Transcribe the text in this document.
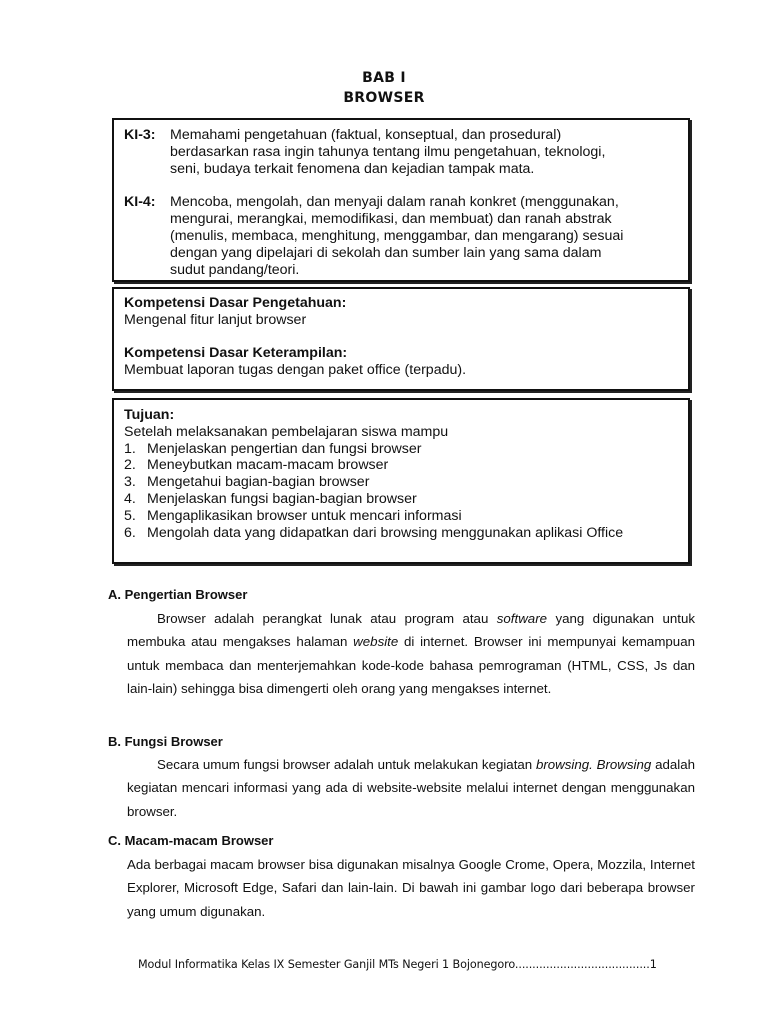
BAB I
BROWSER
KI-3:	Memahami pengetahuan (faktual, konseptual, dan prosedural)
berdasarkan rasa ingin tahunya tentang ilmu pengetahuan, teknologi,
seni, budaya terkait fenomena dan kejadian tampak mata.
KI-4:	Mencoba, mengolah, dan menyaji dalam ranah konkret (menggunakan,
mengurai, merangkai, memodifikasi, dan membuat) dan ranah abstrak
(menulis, membaca, menghitung, menggambar, dan mengarang) sesuai
dengan yang dipelajari di sekolah dan sumber lain yang sama dalam
sudut pandang/teori.
Kompetensi Dasar Pengetahuan:
Mengenal fitur lanjut browser
Kompetensi Dasar Keterampilan:
Membuat laporan tugas dengan paket office (terpadu).
Tujuan:
Setelah melaksanakan pembelajaran siswa mampu
1. Menjelaskan pengertian dan fungsi browser
2. Meneybutkan macam-macam browser
3. Mengetahui bagian-bagian browser
4. Menjelaskan fungsi bagian-bagian browser
5. Mengaplikasikan browser untuk mencari informasi
6. Mengolah data yang didapatkan dari browsing menggunakan aplikasi Office
A. Pengertian Browser
Browser adalah perangkat lunak atau program atau software yang digunakan untuk membuka atau mengakses halaman website di internet. Browser ini mempunyai kemampuan untuk membaca dan menterjemahkan kode-kode bahasa pemrograman (HTML, CSS, Js dan lain-lain) sehingga bisa dimengerti oleh orang yang mengakses internet.
B. Fungsi Browser
Secara umum fungsi browser adalah untuk melakukan kegiatan browsing. Browsing adalah kegiatan mencari informasi yang ada di website-website melalui internet dengan menggunakan browser.
C. Macam-macam Browser
Ada berbagai macam browser bisa digunakan misalnya Google Crome, Opera, Mozzila, Internet Explorer, Microsoft Edge, Safari dan lain-lain. Di bawah ini gambar logo dari beberapa browser yang umum digunakan.
Modul Informatika Kelas IX Semester Ganjil MTs Negeri 1 Bojonegoro.......................................1
